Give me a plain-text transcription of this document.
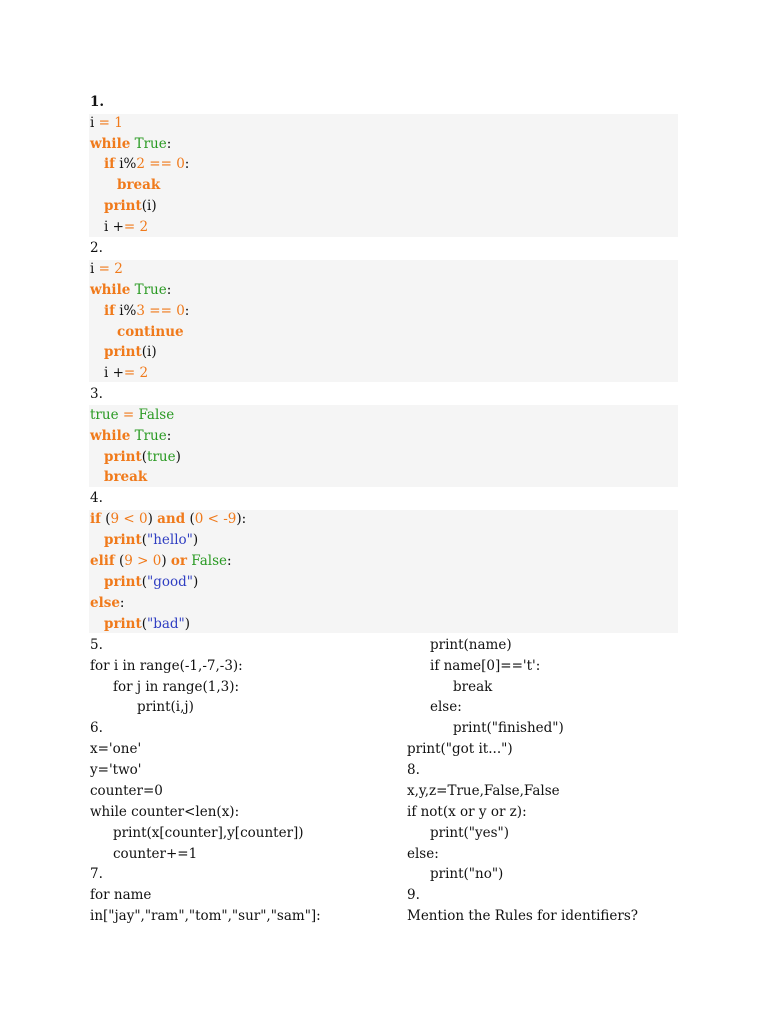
1.
i = 1
while True:
if i%2 == 0:
break
print(i)
i += 2
2.
i = 2
while True:
if i%3 == 0:
continue
print(i)
i += 2
3.
true = False
while True:
print(true)
break
4.
if (9 < 0) and (0 < -9):
print("hello")
elif (9 > 0) or False:
print("good")
else:
print("bad")
5.
for i in range(-1,-7,-3):
for j in range(1,3):
print(i,j)
6.
x='one'
y='two'
counter=0
while counter<len(x):
print(x[counter],y[counter])
counter+=1
7.
for name
in["jay","ram","tom","sur","sam"]:
print(name)
if name[0]=='t':
break
else:
print("finished")
print("got it...")
8.
x,y,z=True,False,False
if not(x or y or z):
print("yes")
else:
print("no")
9.
Mention the Rules for identifiers?
